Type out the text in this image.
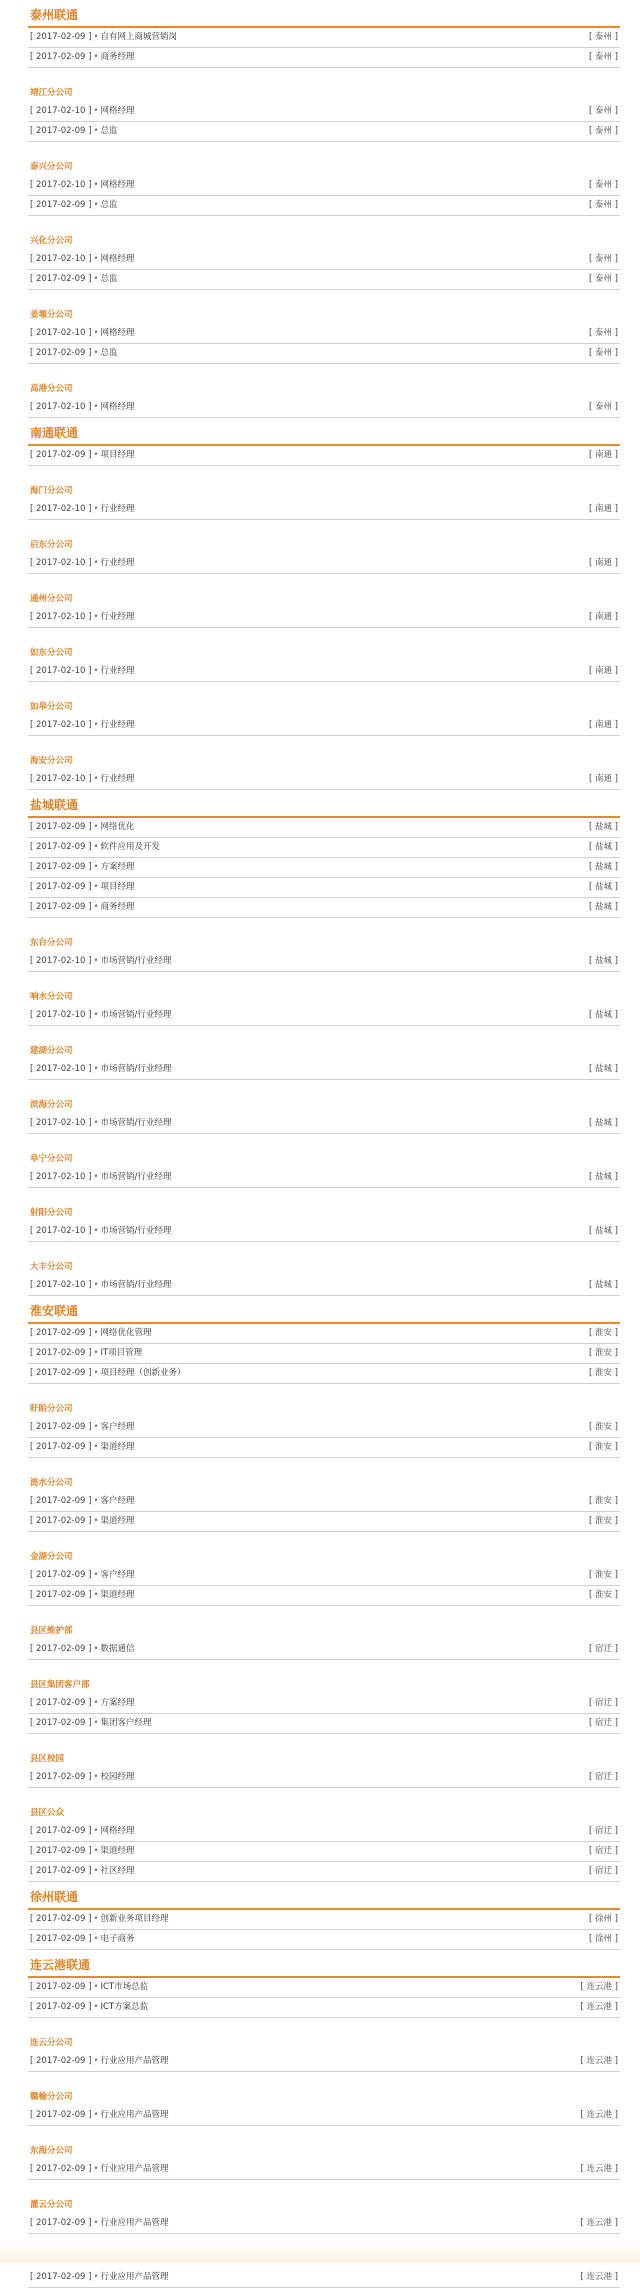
泰州联通
[ 2017-02-09 ] • 自有网上商城营销岗	[ 泰州 ]
[ 2017-02-09 ] • 商务经理	[ 泰州 ]
靖江分公司
[ 2017-02-10 ] • 网格经理	[ 泰州 ]
[ 2017-02-09 ] • 总监	[ 泰州 ]
泰兴分公司
[ 2017-02-10 ] • 网格经理	[ 泰州 ]
[ 2017-02-09 ] • 总监	[ 泰州 ]
兴化分公司
[ 2017-02-10 ] • 网格经理	[ 泰州 ]
[ 2017-02-09 ] • 总监	[ 泰州 ]
姜堰分公司
[ 2017-02-10 ] • 网格经理	[ 泰州 ]
[ 2017-02-09 ] • 总监	[ 泰州 ]
高港分公司
[ 2017-02-10 ] • 网格经理	[ 泰州 ]
南通联通
[ 2017-02-09 ] • 项目经理	[ 南通 ]
海门分公司
[ 2017-02-10 ] • 行业经理	[ 南通 ]
启东分公司
[ 2017-02-10 ] • 行业经理	[ 南通 ]
通州分公司
[ 2017-02-10 ] • 行业经理	[ 南通 ]
如东分公司
[ 2017-02-10 ] • 行业经理	[ 南通 ]
如皋分公司
[ 2017-02-10 ] • 行业经理	[ 南通 ]
海安分公司
[ 2017-02-10 ] • 行业经理	[ 南通 ]
盐城联通
[ 2017-02-09 ] • 网络优化	[ 盐城 ]
[ 2017-02-09 ] • 软件应用及开发	[ 盐城 ]
[ 2017-02-09 ] • 方案经理	[ 盐城 ]
[ 2017-02-09 ] • 项目经理	[ 盐城 ]
[ 2017-02-09 ] • 商务经理	[ 盐城 ]
东台分公司
[ 2017-02-10 ] • 市场营销/行业经理	[ 盐城 ]
响水分公司
[ 2017-02-10 ] • 市场营销/行业经理	[ 盐城 ]
建湖分公司
[ 2017-02-10 ] • 市场营销/行业经理	[ 盐城 ]
滨海分公司
[ 2017-02-10 ] • 市场营销/行业经理	[ 盐城 ]
阜宁分公司
[ 2017-02-10 ] • 市场营销/行业经理	[ 盐城 ]
射阳分公司
[ 2017-02-10 ] • 市场营销/行业经理	[ 盐城 ]
大丰分公司
[ 2017-02-10 ] • 市场营销/行业经理	[ 盐城 ]
淮安联通
[ 2017-02-09 ] • 网络优化管理	[ 淮安 ]
[ 2017-02-09 ] • IT项目管理	[ 淮安 ]
[ 2017-02-09 ] • 项目经理（创新业务）	[ 淮安 ]
盱眙分公司
[ 2017-02-09 ] • 客户经理	[ 淮安 ]
[ 2017-02-09 ] • 渠道经理	[ 淮安 ]
涟水分公司
[ 2017-02-09 ] • 客户经理	[ 淮安 ]
[ 2017-02-09 ] • 渠道经理	[ 淮安 ]
金湖分公司
[ 2017-02-09 ] • 客户经理	[ 淮安 ]
[ 2017-02-09 ] • 渠道经理	[ 淮安 ]
县区维护部
[ 2017-02-09 ] • 数据通信	[ 宿迁 ]
县区集团客户部
[ 2017-02-09 ] • 方案经理	[ 宿迁 ]
[ 2017-02-09 ] • 集团客户经理	[ 宿迁 ]
县区校园
[ 2017-02-09 ] • 校园经理	[ 宿迁 ]
县区公众
[ 2017-02-09 ] • 网格经理	[ 宿迁 ]
[ 2017-02-09 ] • 渠道经理	[ 宿迁 ]
[ 2017-02-09 ] • 社区经理	[ 宿迁 ]
徐州联通
[ 2017-02-09 ] • 创新业务项目经理	[ 徐州 ]
[ 2017-02-09 ] • 电子商务	[ 徐州 ]
连云港联通
[ 2017-02-09 ] • ICT市场总监	[ 连云港 ]
[ 2017-02-09 ] • ICT方案总监	[ 连云港 ]
连云分公司
[ 2017-02-09 ] • 行业应用产品管理	[ 连云港 ]
赣榆分公司
[ 2017-02-09 ] • 行业应用产品管理	[ 连云港 ]
东海分公司
[ 2017-02-09 ] • 行业应用产品管理	[ 连云港 ]
灌云分公司
[ 2017-02-09 ] • 行业应用产品管理	[ 连云港 ]
[ 2017-02-09 ] • 行业应用产品管理	[ 连云港 ]
